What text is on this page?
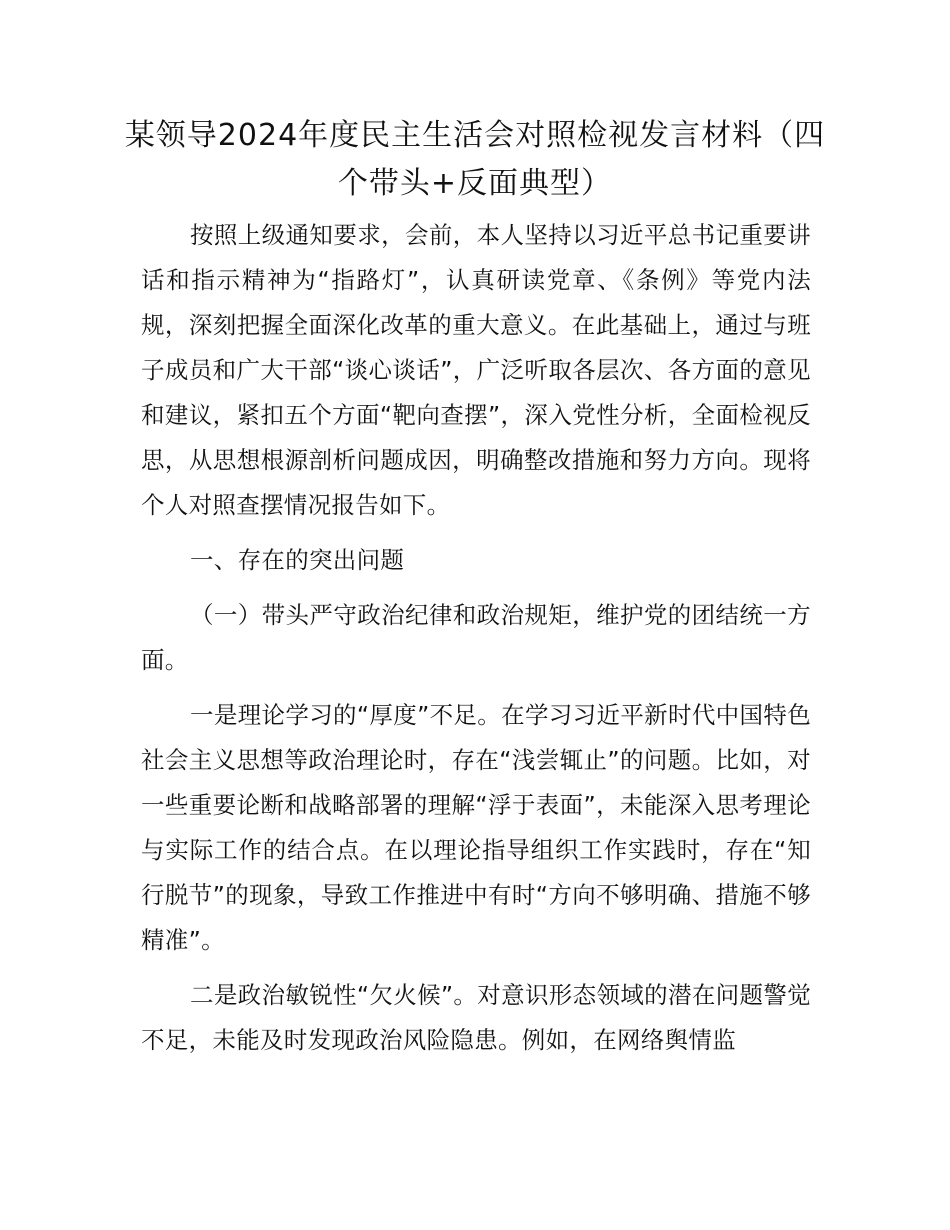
某领导2024年度民主生活会对照检视发言材料（四个带头+反面典型）

按照上级通知要求，会前，本人坚持以习近平总书记重要讲话和指示精神为“指路灯”，认真研读党章、《条例》等党内法规，深刻把握全面深化改革的重大意义。在此基础上，通过与班子成员和广大干部“谈心谈话”，广泛听取各层次、各方面的意见和建议，紧扣五个方面“靶向查摆”，深入党性分析，全面检视反思，从思想根源剖析问题成因，明确整改措施和努力方向。现将个人对照查摆情况报告如下。

一、存在的突出问题

（一）带头严守政治纪律和政治规矩，维护党的团结统一方面。

一是理论学习的“厚度”不足。在学习习近平新时代中国特色社会主义思想等政治理论时，存在“浅尝辄止”的问题。比如，对一些重要论断和战略部署的理解“浮于表面”，未能深入思考理论与实际工作的结合点。在以理论指导组织工作实践时，存在“知行脱节”的现象，导致工作推进中有时“方向不够明确、措施不够精准”。

二是政治敏锐性“欠火候”。对意识形态领域的潜在问题警觉不足，未能及时发现政治风险隐患。例如，在网络舆情监
